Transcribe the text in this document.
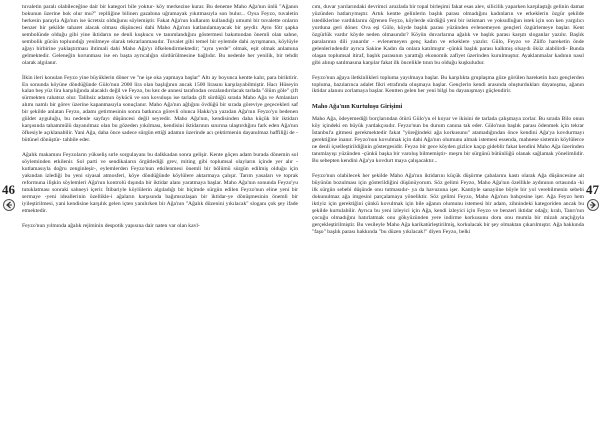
tuvaletin paralı olabileceğine dair bir kategori bile yoktur- köy merkezine kurar. Bu deneme Maho Ağa'nın ünlü "Ağanın bokunun üzerine bok olur mu?" replliğine bilinen gazabına uğramayak yıkıtmasıyla son bulur... Oysa Feyzo, tuvaletin herkesin parayla Ağa'nın ise ücretsiz olduğunu söylemiştir. Fakat Ağa'nın kullanım kullandığı umumi bir tuvalette onların benzer bir şekilde taharet alacak olması düşüncesi dahi Maho Ağa'nın katlanılamayacak bir şeydir. Aynı fötr şapka sembolünde olduğu gibi yine iktidarın ne denli kuşkucu ve tanımlandığını göstermesi bakımından önemli olan sahne, sembolik gücün topluındığı yenilmeye olarak tekrarlanmasıdır. Tuvalet gibi temel bir eylemde dahi ayrışmanın, köylüyle ağayı birbirine yaklaştırması ihtimali dahi Maho Ağa'yı öfkelendirmektedir; "aynı yerde" olmak, eşit olmak anlamına gelmektedir. Geleneğin korunması ise en başta ayrıcalığın sürdürülmesine bağlıdır. Bu nedenle her yenilik, bir tehdit olarak algılanır.

İlkin ileri konulan Feyzo yine büyüklerin döner ve "ne işe oka yapmaya başlar" Altı ay boyunca kentte kalır, para biriktirir. En sonunda köyüne döndüğünde Gülo'nun 2000 lira olan başlığının ancak 1500 lirasını karşılayabilmiştir. Hacı Hüseyin kalan beş yüz lira karşılığında alacaklı değil ve Feyzo, bu kez de annesi tarafından cezalandırılacak tarlada "ölüm göle" çift sürmekten rahatsız olur. Talihsiz adamın öykücü ve son kovuluşu ise tarlada çift sürdüğü sırada Maho Ağa ve Amlanları alımı namlı bir görev üzerine kapanmasıyla sonuçlanır. Maho Ağa'nın ağlığını övdüğü bir sırada göreviye geçecekleri saf bir şekilde anlatan Feyzo, adamı getirmesinin sonra batkınca görevli olunca Hakkı'ya yazıdan Ağa'nın Feyzo'yu bedenen güldet ayguluğu, bu nedenle sayfayı düşüncesi değil seyredir. Maho Ağa'nın, kendisinden daha küçük bir iktidarı karşısında tahammülü dayanılmaz olan bu gözeden yıkılması, kendisini iktidarının sınırına ulaştırdığını fark eden Ağa'nın öfkesiyle açıklanabilir. Yani Ağa, daha önce sadece sürgün ettiği adamın üzerinde acı çektirmenin dayanılmaz haffiliği de -bütünel dönüştür- tahbile eder.

Ağalık makamını Feyzoların yükseliş sırle sorgulayanı bu dalkkadan sonra gelişir. Kente göçen adam burada dönemin sol söyleminden etkilenir. Sol parti ve sendikaların örgütlediği grev, miting gibi toplumsal olayların içinde yer alır -kutlamasıyla doğru zenginleşir-, eylemlerden Feyzo'nun etkilenmesi önemli bir bölümü sürgün edilmiş olduğu için yakından izlediği bu yeni siyasal atmosferi, köye döndüğünde köylülere aktarmaya çalışır. Tarım yasaları ve toprak reformuna ilişkin söylemleri Ağa'nın kontrolü dışında bir iktidar alanı yaratmaya başlar. Maho Ağa'nın sonunda Feyzo'yu tutuklatması sonraki sahneyi içerir. İtibariyle köylülerin algıladığı bir biçimde sürgün edilen Feyzo'nun eline yeni bir sermaye -yeni ideallerinin özellikle-i ağaların karşısında bağımsızlaşan bir iktidar-ye dönüşmesinin önemli bir iyileştirilmesi, yani kendisine karşılık gelen içten yanılırken bir Ağa'nın "Ağalık düzenini yıkılacak" sloganı çok şey ifade etmektedir.

Feyzo'nun yılmında ağalık rejiminin despotik yapısına dair naten var olan kavl-

cım, duvar yarılarındaki devrimci aruzlada bir topal birleşimi fakat esas alev, silicilik yaparken karşılaştığı gelinin damat yüzünden hatlarıymıştır. Artık kentte gelinlerin başlık parası olmadığını kadınların ve erkeklerin özgür şekilde istediklerine vardıklarını öğrenen Feyzo, köylerde sürdüğü yeni bir istismarı ve yoksulluğun istek için son ken yargılıcı yurduna geri döner. Ova eşi Gülo, köyde başlık parası yüzünden evlenemeyen gençleri özgürlemeye başlar. Kent özgürlük vardır köyde neden olmasındır? Köyün duvarlarına ağalık ve başlık parası karşıtı sloganlar yazılır. Başlık paralarının dili yanardır - evlenemeyen genç kadın ve erkeklere yazılır. Gülo, Feyzo ve Zülfo hareketin önde gelenlerindendir ayrıca Sakine Kadın da onlara katılmıştır -çünkü başlık parası kalkmış olsaydı öküz alabilirdi- Bunda olaşan toplumsal itiraf, başlık parasının yarattığı ekonomik zafiyet üzerinden kurulmuştur. Ayaklanmalar kadının nasıl gibi alınıp satılmasına karşılar fakat ilk öncelikle tının bu olduğu kuşkuludur.

Feyzo'nun ağaya iletkinlikleri topluma yayılmaya başlar. Bu karşılıkta gruplaşma göze görülen hareketin bazı gençlerden topluma, bazılarınca adalet fikri etrafında oluşmaya başlar. Gençlerin kendi arasında oluşturdukları dayanışma, ağanın iktidar alanını zorlamaya başlar. Kentten gelen her yeni bilgi bu dayanışmayı güçlendirir.

Maho Ağa'nın Kurtuluşu Girişimi

Maho Ağa, ödeyemediği borçlarından ötürü Gülo'yu el koyar ve ikisini de tarlada çalışmaya zorlar. Bu sırada Bilo onun köy içindeki en büyük yardakçısıdır. Feyzo'nun bu durum canına tak eder. Gülo'nun başlık parası ödenmek için tekrar İstanbul'a gitmesi gerekmektedir fakat "yüreğindeki ağa korkusunu" atamadığından önce kendini Ağa'ya kovdurmayı gerektiğine inanır. Feyzo'nun kovulmak için dahi Ağa'nın olumunu almak istemesi essenda, mahnese sistemin köylülerce ne denli içselleştirildiğinin göstergesidir. Feyzo bir gece köyden gizlice kaçıp gideblir fakat kendini Maho Ağa üzerinden tanımlayışı yüzünden -çünkü başka bir varoluş bilmemiştir- meşru bir sürgünü bütünlüğü olanak sağlamak yönelimlidir. Bu sebepten kendini Ağa'ya kovdurt maya çalışacaktır...

Feyzo'nun olabilecek her şekilde Maho Ağa'nın iktidarını küçük düşürme çabalarını kastı olarak Ağa düşüncesine ait büyünün bozulması için gösterildiğini düşünüyorum. Söz gelimi Feyzo, Maho Ağa'nın özellikle aydınının ortasında -ki ilk sürgün sebebi düşünde onu tutmasıdır- ya da havuzuna işer. Kantiyle sanayiine böyle bir yol verebilmenin sebebi dokunulmaz ağa imgesini parçalamaya yöneliktir. Söz gelimi Feyzo, Maho Ağa'nın bahçesine işer. Ağa Feyzo hem iktiyiz için gerektiğini çünkü kovulmak için bile ağanın olumunu istemesi bir adam, zihnindeki kategoriden ancak bu şekilde kurtulabilir. Ayrıca bu yeni izleyici için Ağa, kendi izleyici için Feyzo ve benzeri iktidar odağı; kralı, Tanrı'nın çocuğu olmadığını hatırlatmak onu gökyüzünden yere indirme korkusunu doru onu mumla bir mizah araçlığıyla gerçekleştirilmiştir. Bu vesileyle Maho Ağa karikatürleştirilmiş, korkulacak bir şey olmaktan çıkarılmıştır. Ağa hakkında "faşo" başlık parası hakkında "bu düzen yıkılacak!" diyen Feyzo, belki

46	47
